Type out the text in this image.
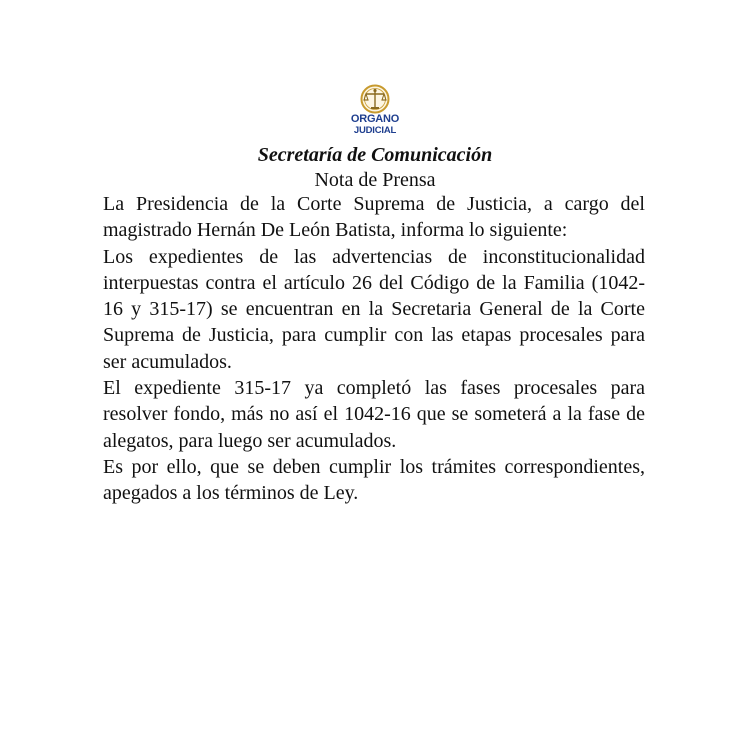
ORGANO
JUDICIAL
Secretaría de Comunicación
Nota de Prensa

La Presidencia de la Corte Suprema de Justicia, a cargo del magistrado Hernán De León Batista, informa lo siguiente:

Los expedientes de las advertencias de inconstitucionalidad interpuestas contra el artículo 26 del Código de la Familia (1042-16 y 315-17) se encuentran en la Secretaria General de la Corte Suprema de Justicia, para cumplir con las etapas procesales para ser acumulados.

El expediente 315-17 ya completó las fases procesales para resolver fondo, más no así el 1042-16 que se someterá a la fase de alegatos, para luego ser acumulados.

Es por ello, que se deben cumplir los trámites correspondientes, apegados a los términos de Ley.
